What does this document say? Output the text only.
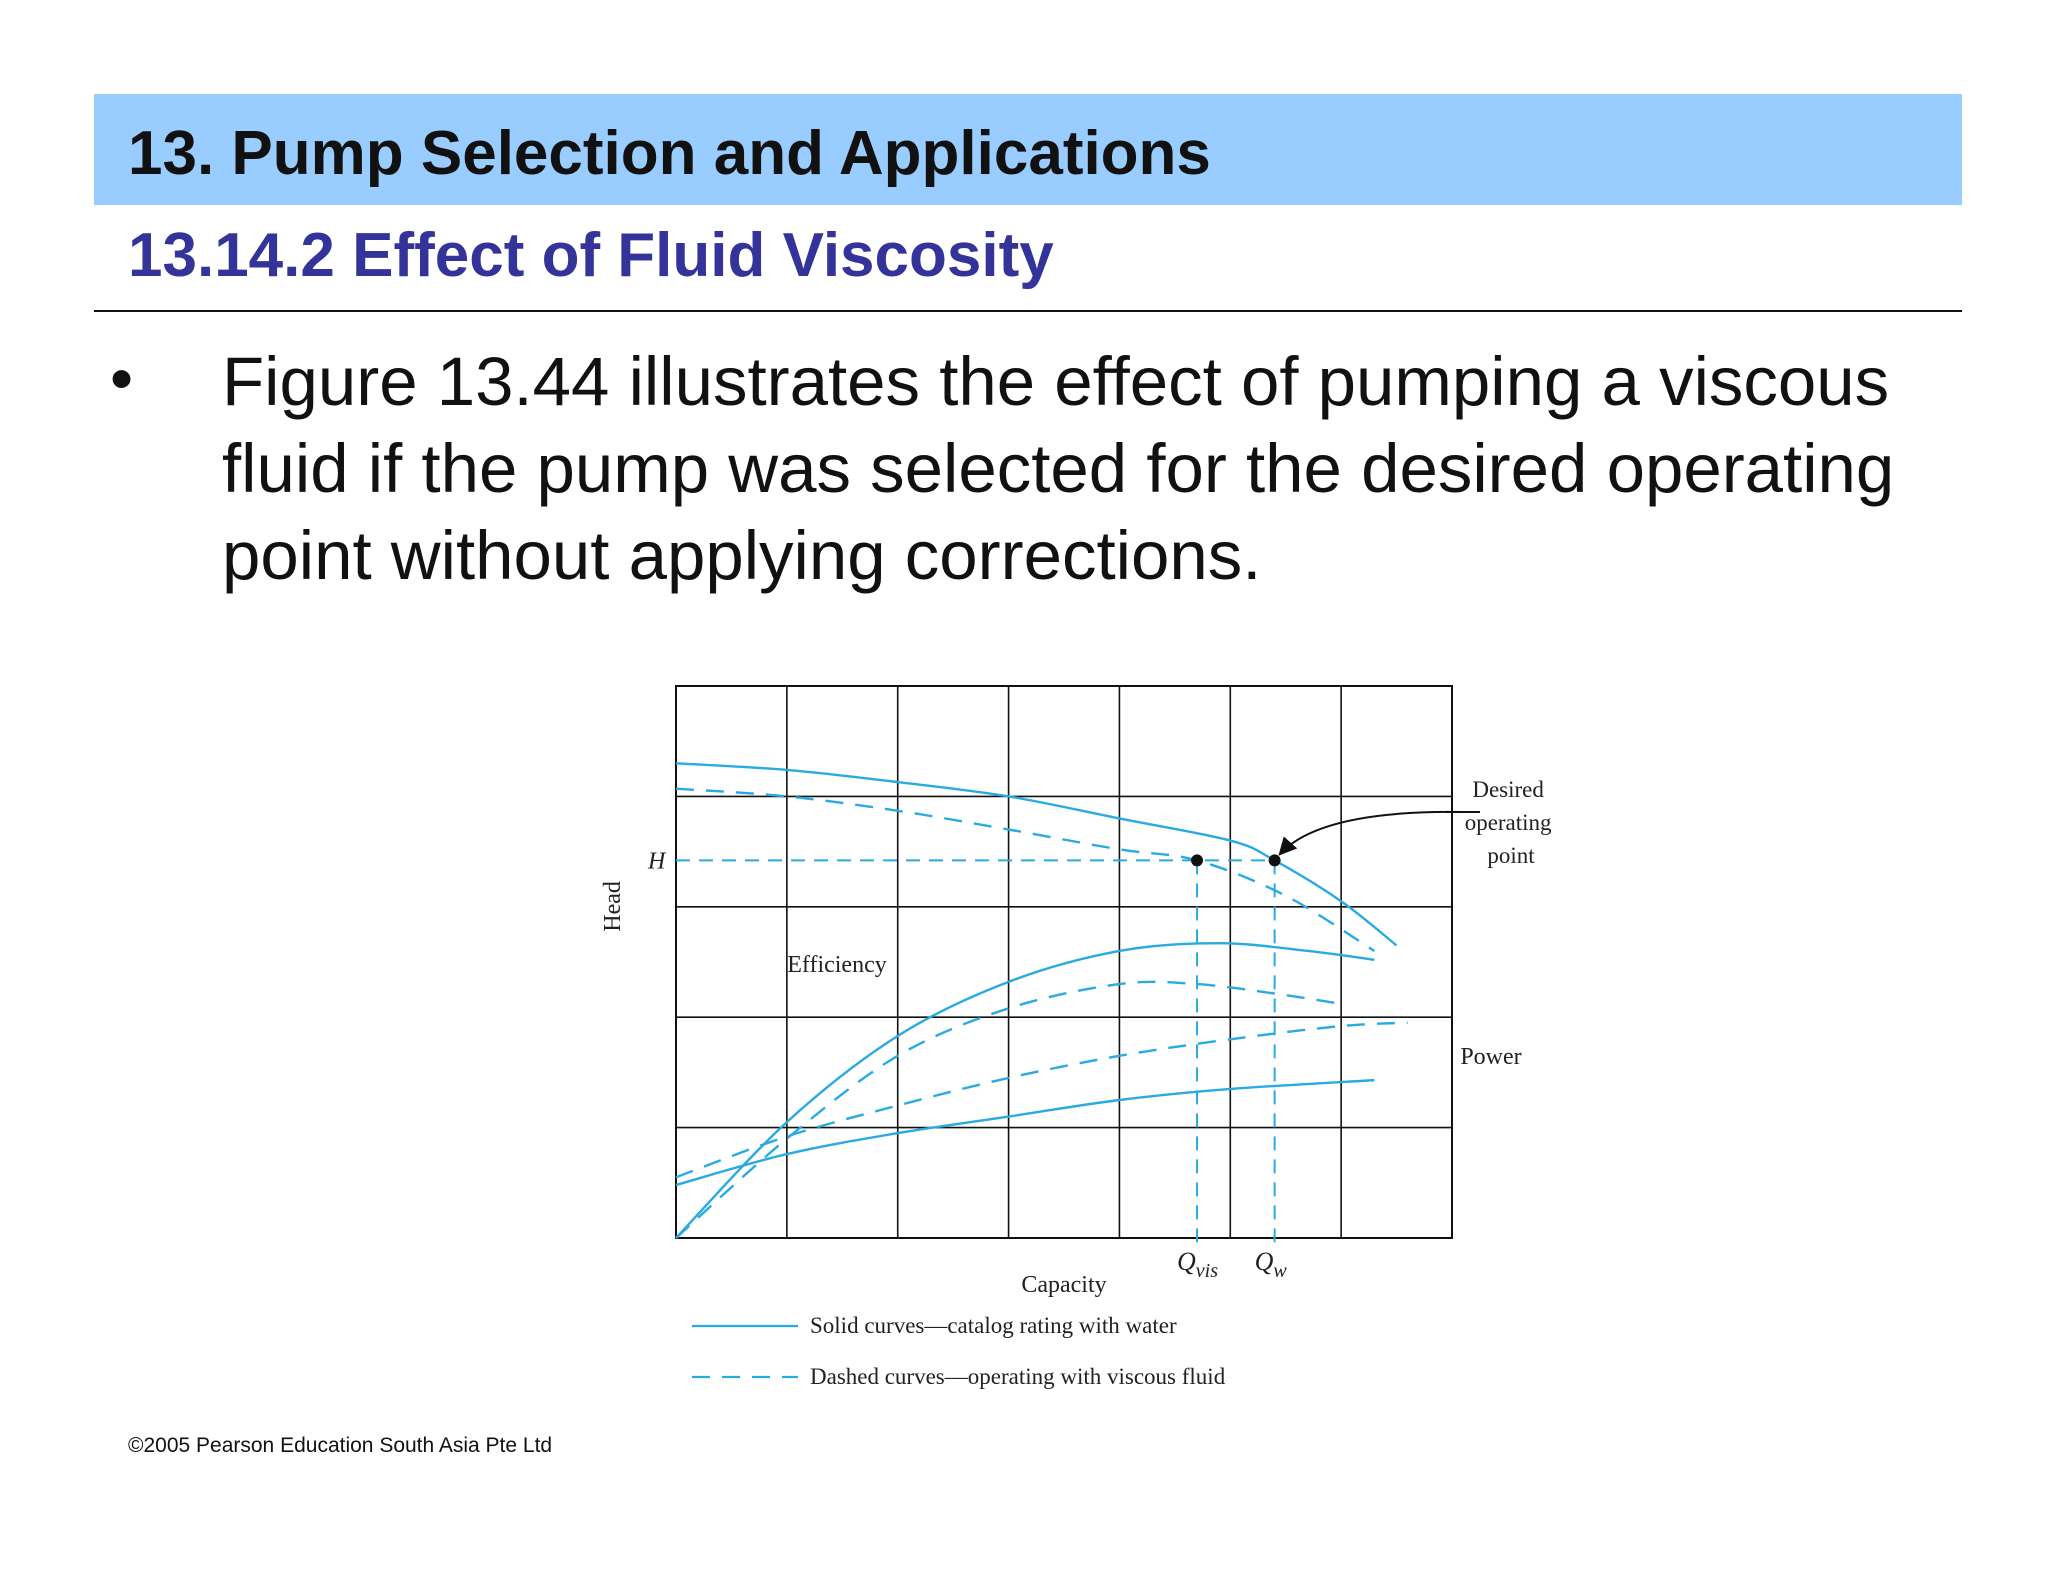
13. Pump Selection and Applications
13.14.2 Effect of Fluid Viscosity
• Figure 13.44 illustrates the effect of pumping a viscous fluid if the pump was selected for the desired operating point without applying corrections.
H
Head
Capacity
$Q_{vis}$ $Q_w$
Desired operating point
Efficiency
Power
Solid curves—catalog rating with water
Dashed curves—operating with viscous fluid
©2005 Pearson Education South Asia Pte Ltd
